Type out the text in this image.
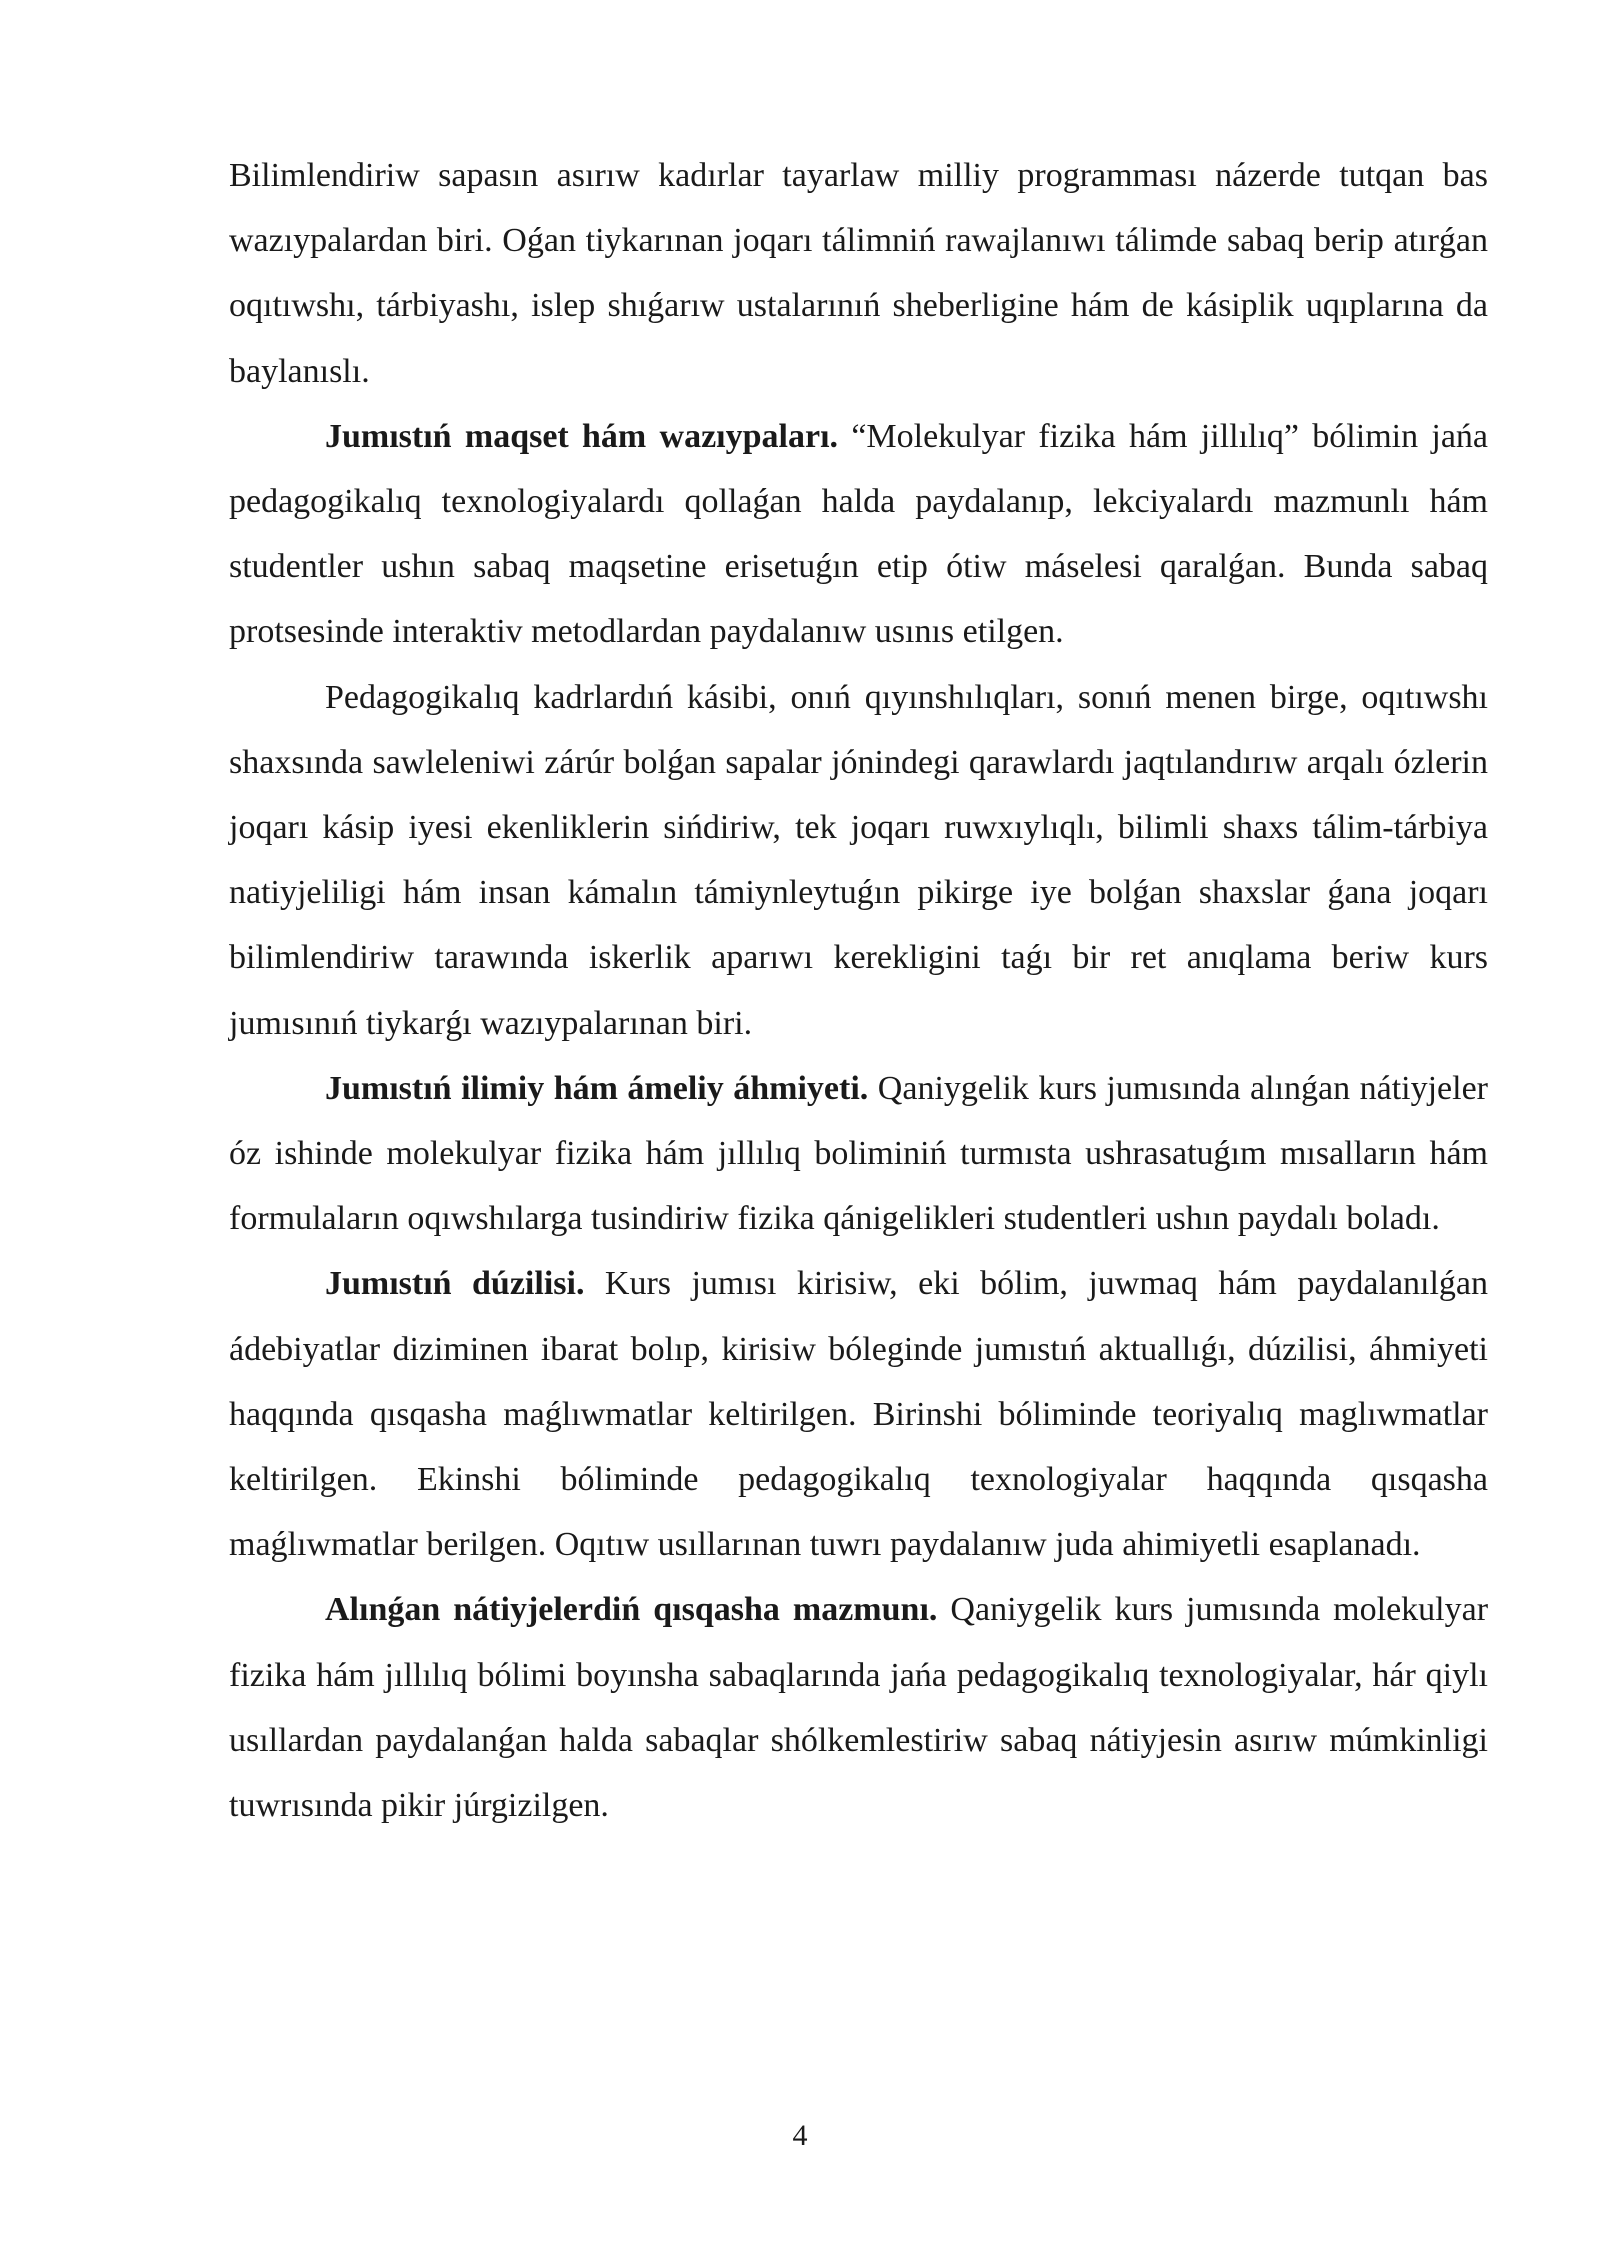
Bilimlendiriw sapasın asırıw kadırlar tayarlaw milliy programması názerde tutqan bas wazıypalardan biri. Oǵan tiykarınan joqarı tálimniń rawajlanıwı tálimde sabaq berip atırǵan oqıtıwshı, tárbiyashı, islep shıǵarıw ustalarınıń sheberligine hám de kásiplik uqıplarına da baylanıslı.

Jumıstıń maqset hám wazıypaları. “Molekulyar fizika hám jillılıq” bólimin jańa pedagogikalıq texnologiyalardı qollaǵan halda paydalanıp, lekciyalardı mazmunlı hám studentler ushın sabaq maqsetine erisetuǵın etip ótiw máselesi qaralǵan. Bunda sabaq protsesinde interaktiv metodlardan paydalanıw usınıs etilgen.

Pedagogikalıq kadrlardıń kásibi, onıń qıyınshılıqları, sonıń menen birge, oqıtıwshı shaxsında sawleleniwi zárúr bolǵan sapalar jónindegi qarawlardı jaqtılandırıw arqalı ózlerin joqarı kásip iyesi ekenliklerin sińdiriw, tek joqarı ruwxıylıqlı, bilimli shaxs tálim-tárbiya natiyjeliligi hám insan kámalın támiynleytuǵın pikirge iye bolǵan shaxslar ǵana joqarı bilimlendiriw tarawında iskerlik aparıwı kerekligini taǵı bir ret anıqlama beriw kurs jumısınıń tiykarǵı wazıypalarınan biri.

Jumıstıń ilimiy hám ámeliy áhmiyeti. Qaniygelik kurs jumısında alınǵan nátiyjeler óz ishinde molekulyar fizika hám jıllılıq boliminiń turmısta ushrasatuǵım mısalların hám formulaların oqıwshılarga tusindiriw fizika qánigelikleri studentleri ushın paydalı boladı.

Jumıstıń dúzilisi. Kurs jumısı kirisiw, eki bólim, juwmaq hám paydalanılǵan ádebiyatlar diziminen ibarat bolıp, kirisiw bóleginde jumıstıń aktuallıǵı, dúzilisi, áhmiyeti haqqında qısqasha maǵlıwmatlar keltirilgen. Birinshi bóliminde teoriyalıq maglıwmatlar keltirilgen. Ekinshi bóliminde pedagogikalıq texnologiyalar haqqında qısqasha maǵlıwmatlar berilgen. Oqıtıw usıllarınan tuwrı paydalanıw juda ahimiyetli esaplanadı.

Alınǵan nátiyjelerdiń qısqasha mazmunı. Qaniygelik kurs jumısında molekulyar fizika hám jıllılıq bólimi boyınsha sabaqlarında jańa pedagogikalıq texnologiyalar, hár qiylı usıllardan paydalanǵan halda sabaqlar shólkemlestiriw sabaq nátiyjesin asırıw múmkinligi tuwrısında pikir júrgizilgen.

4
